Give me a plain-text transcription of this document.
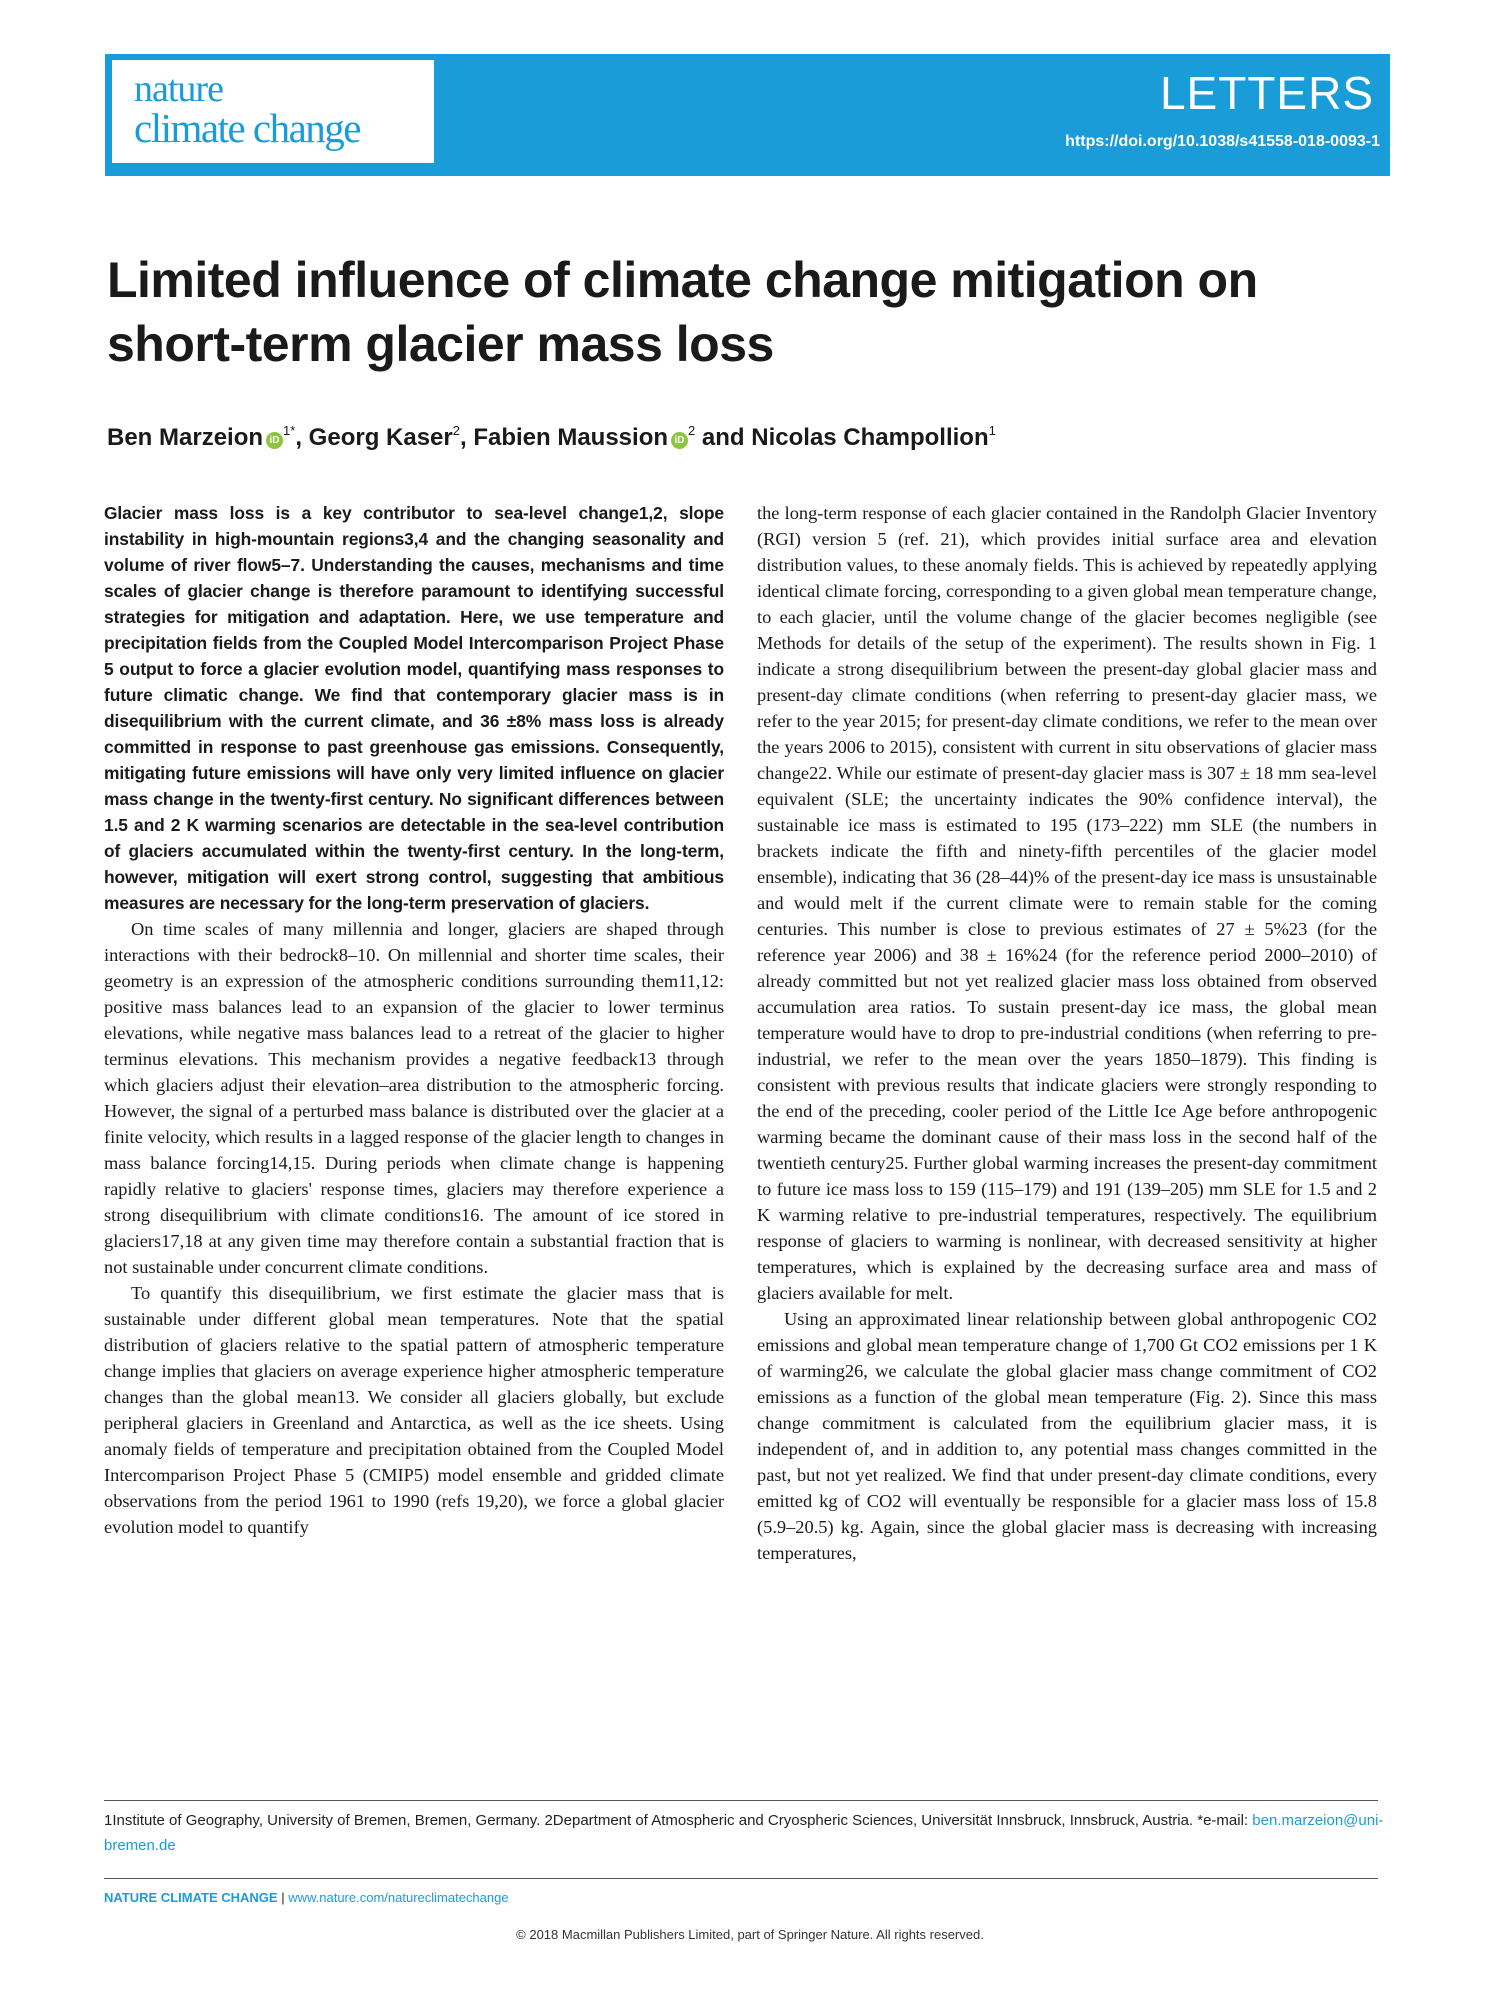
nature
climate change
LETTERS
https://doi.org/10.1038/s41558-018-0093-1
Limited influence of climate change mitigation on short-term glacier mass loss
Ben Marzeion iD$^{1*}$, Georg Kaser$^2$, Fabien Maussion iD$^2$ and Nicolas Champollion$^1$

Glacier mass loss is a key contributor to sea-level change1,2, slope instability in high-mountain regions3,4 and the changing seasonality and volume of river flow5–7. Understanding the causes, mechanisms and time scales of glacier change is therefore paramount to identifying successful strategies for mitigation and adaptation. Here, we use temperature and precipitation fields from the Coupled Model Intercomparison Project Phase 5 output to force a glacier evolution model, quantifying mass responses to future climatic change. We find that contemporary glacier mass is in disequilibrium with the current climate, and 36 ±8% mass loss is already committed in response to past greenhouse gas emissions. Consequently, mitigating future emissions will have only very limited influence on glacier mass change in the twenty-first century. No significant differences between 1.5 and 2 K warming scenarios are detectable in the sea-level contribution of glaciers accumulated within the twenty-first century. In the long-term, however, mitigation will exert strong control, suggesting that ambitious measures are necessary for the long-term preservation of glaciers.

On time scales of many millennia and longer, glaciers are shaped through interactions with their bedrock8–10. On millennial and shorter time scales, their geometry is an expression of the atmospheric conditions surrounding them11,12: positive mass balances lead to an expansion of the glacier to lower terminus elevations, while negative mass balances lead to a retreat of the glacier to higher terminus elevations. This mechanism provides a negative feedback13 through which glaciers adjust their elevation–area distribution to the atmospheric forcing. However, the signal of a perturbed mass balance is distributed over the glacier at a finite velocity, which results in a lagged response of the glacier length to changes in mass balance forcing14,15. During periods when climate change is happening rapidly relative to glaciers' response times, glaciers may therefore experience a strong disequilibrium with climate conditions16. The amount of ice stored in glaciers17,18 at any given time may therefore contain a substantial fraction that is not sustainable under concurrent climate conditions.

To quantify this disequilibrium, we first estimate the glacier mass that is sustainable under different global mean temperatures. Note that the spatial distribution of glaciers relative to the spatial pattern of atmospheric temperature change implies that glaciers on average experience higher atmospheric temperature changes than the global mean13. We consider all glaciers globally, but exclude peripheral glaciers in Greenland and Antarctica, as well as the ice sheets. Using anomaly fields of temperature and precipitation obtained from the Coupled Model Intercomparison Project Phase 5 (CMIP5) model ensemble and gridded climate observations from the period 1961 to 1990 (refs 19,20), we force a global glacier evolution model to quantify

the long-term response of each glacier contained in the Randolph Glacier Inventory (RGI) version 5 (ref. 21), which provides initial surface area and elevation distribution values, to these anomaly fields. This is achieved by repeatedly applying identical climate forcing, corresponding to a given global mean temperature change, to each glacier, until the volume change of the glacier becomes negligible (see Methods for details of the setup of the experiment). The results shown in Fig. 1 indicate a strong disequilibrium between the present-day global glacier mass and present-day climate conditions (when referring to present-day glacier mass, we refer to the year 2015; for present-day climate conditions, we refer to the mean over the years 2006 to 2015), consistent with current in situ observations of glacier mass change22. While our estimate of present-day glacier mass is 307 ± 18 mm sea-level equivalent (SLE; the uncertainty indicates the 90% confidence interval), the sustainable ice mass is estimated to 195 (173–222) mm SLE (the numbers in brackets indicate the fifth and ninety-fifth percentiles of the glacier model ensemble), indicating that 36 (28–44)% of the present-day ice mass is unsustainable and would melt if the current climate were to remain stable for the coming centuries. This number is close to previous estimates of 27 ± 5%23 (for the reference year 2006) and 38 ± 16%24 (for the reference period 2000–2010) of already committed but not yet realized glacier mass loss obtained from observed accumulation area ratios. To sustain present-day ice mass, the global mean temperature would have to drop to pre-industrial conditions (when referring to pre-industrial, we refer to the mean over the years 1850–1879). This finding is consistent with previous results that indicate glaciers were strongly responding to the end of the preceding, cooler period of the Little Ice Age before anthropogenic warming became the dominant cause of their mass loss in the second half of the twentieth century25. Further global warming increases the present-day commitment to future ice mass loss to 159 (115–179) and 191 (139–205) mm SLE for 1.5 and 2 K warming relative to pre-industrial temperatures, respectively. The equilibrium response of glaciers to warming is nonlinear, with decreased sensitivity at higher temperatures, which is explained by the decreasing surface area and mass of glaciers available for melt.

Using an approximated linear relationship between global anthropogenic CO2 emissions and global mean temperature change of 1,700 Gt CO2 emissions per 1 K of warming26, we calculate the global glacier mass change commitment of CO2 emissions as a function of the global mean temperature (Fig. 2). Since this mass change commitment is calculated from the equilibrium glacier mass, it is independent of, and in addition to, any potential mass changes committed in the past, but not yet realized. We find that under present-day climate conditions, every emitted kg of CO2 will eventually be responsible for a glacier mass loss of 15.8 (5.9–20.5) kg. Again, since the global glacier mass is decreasing with increasing temperatures,

1Institute of Geography, University of Bremen, Bremen, Germany. 2Department of Atmospheric and Cryospheric Sciences, Universität Innsbruck, Innsbruck, Austria. *e-mail: ben.marzeion@uni-bremen.de
NATURE CLIMATE CHANGE | www.nature.com/natureclimatechange
© 2018 Macmillan Publishers Limited, part of Springer Nature. All rights reserved.
